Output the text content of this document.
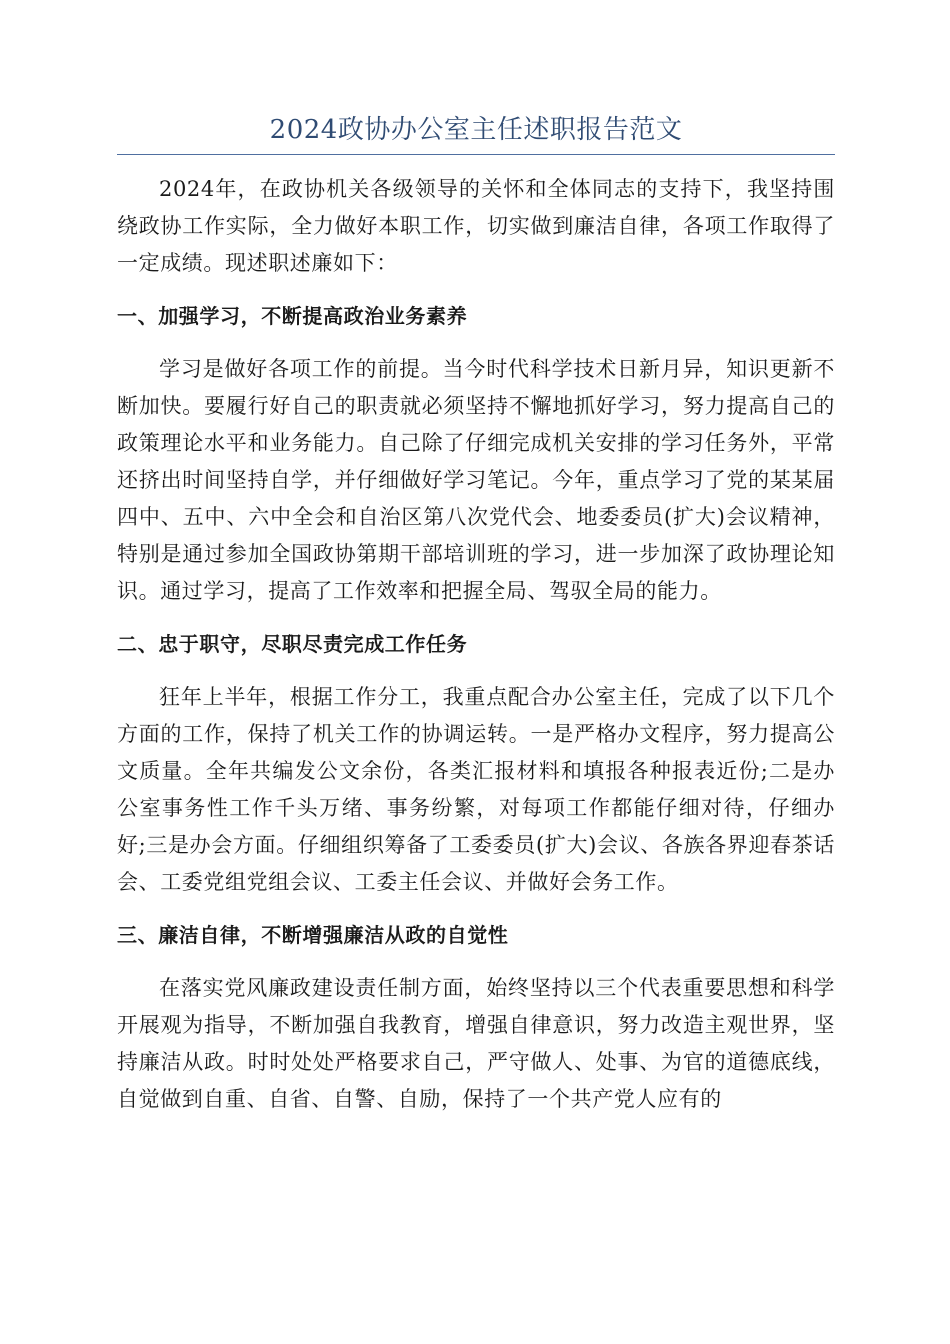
2024政协办公室主任述职报告范文

2024年，在政协机关各级领导的关怀和全体同志的支持下，我坚持围绕政协工作实际，全力做好本职工作，切实做到廉洁自律，各项工作取得了一定成绩。现述职述廉如下：

一、加强学习，不断提高政治业务素养

学习是做好各项工作的前提。当今时代科学技术日新月异，知识更新不断加快。要履行好自己的职责就必须坚持不懈地抓好学习，努力提高自己的政策理论水平和业务能力。自己除了仔细完成机关安排的学习任务外，平常还挤出时间坚持自学，并仔细做好学习笔记。今年，重点学习了党的某某届四中、五中、六中全会和自治区第八次党代会、地委委员(扩大)会议精神，特别是通过参加全国政协第期干部培训班的学习，进一步加深了政协理论知识。通过学习，提高了工作效率和把握全局、驾驭全局的能力。

二、忠于职守，尽职尽责完成工作任务

狂年上半年，根据工作分工，我重点配合办公室主任，完成了以下几个方面的工作，保持了机关工作的协调运转。一是严格办文程序，努力提高公文质量。全年共编发公文余份，各类汇报材料和填报各种报表近份;二是办公室事务性工作千头万绪、事务纷繁，对每项工作都能仔细对待，仔细办好;三是办会方面。仔细组织筹备了工委委员(扩大)会议、各族各界迎春茶话会、工委党组党组会议、工委主任会议、并做好会务工作。

三、廉洁自律，不断增强廉洁从政的自觉性

在落实党风廉政建设责任制方面，始终坚持以三个代表重要思想和科学开展观为指导，不断加强自我教育，增强自律意识，努力改造主观世界，坚持廉洁从政。时时处处严格要求自己，严守做人、处事、为官的道德底线，自觉做到自重、自省、自警、自励，保持了一个共产党人应有的
